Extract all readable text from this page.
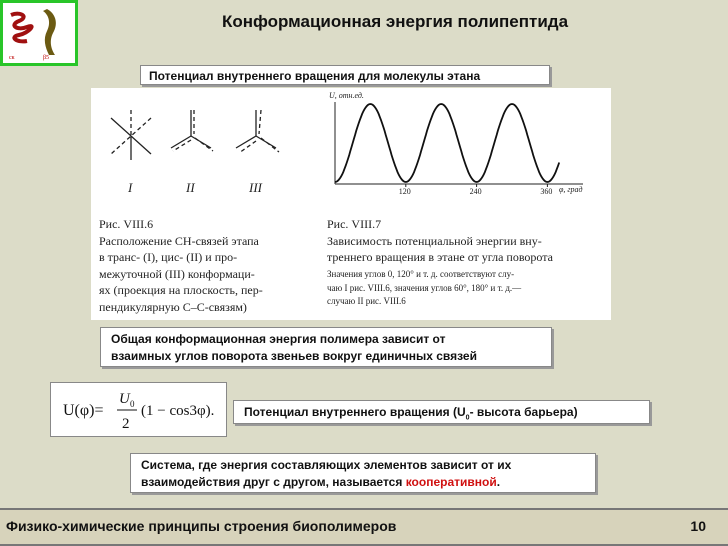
ск	β5
Конформационная энергия полипептида
Потенциал внутреннего вращения для молекулы этана
I	II	III
U, отн.ед.
120	240	360 φ, град
Рис. VIII.6
Расположение СН-связей этапа
в транс- (I), цис- (II) и про-
межуточной (III) конформаци-
ях (проекция на плоскость, пер-
пендикулярную С–С-связям)
Рис. VIII.7
Зависимость потенциальной энергии вну-
треннего вращения в этане от угла поворота
Значения углов 0, 120° и т. д. соответствуют слу-
чаю I рис. VIII.6, значения углов 60°, 180° и т. д.—
случаю II рис. VIII.6
Общая конформационная энергия полимера зависит от
взаимных углов поворота звеньев вокруг единичных связей
U(φ)=
U 0
2
(1 − cos3φ).	Потенциал внутреннего вращения ($U_0-$ высота барьера)
Система, где энергия составляющих элементов зависит от их
взаимодействия друг с другом, называется кооперативной.
Физико-химические принципы строения биополимеров	10
